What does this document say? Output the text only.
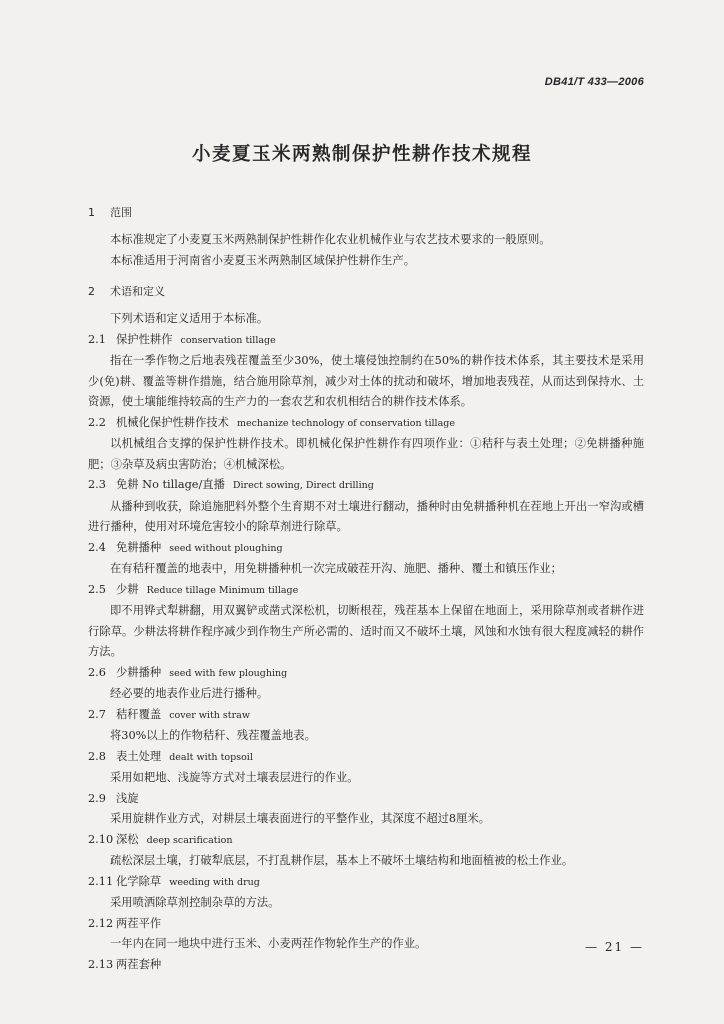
DB41/T 433—2006
小麦夏玉米两熟制保护性耕作技术规程

1 范围

本标准规定了小麦夏玉米两熟制保护性耕作化农业机械作业与农艺技术要求的一般原则。

本标准适用于河南省小麦夏玉米两熟制区域保护性耕作生产。

2 术语和定义

下列术语和定义适用于本标准。

2.1 保护性耕作 conservation tillage

指在一季作物之后地表残茬覆盖至少30%，使土壤侵蚀控制约在50%的耕作技术体系，其主要技术是采用少(免)耕、覆盖等耕作措施，结合施用除草剂，减少对土体的扰动和破坏，增加地表残茬，从而达到保持水、土资源，使土壤能维持较高的生产力的一套农艺和农机相结合的耕作技术体系。

2.2 机械化保护性耕作技术 mechanize technology of conservation tillage

以机械组合支撑的保护性耕作技术。即机械化保护性耕作有四项作业：①秸秆与表土处理；②免耕播种施肥；③杂草及病虫害防治；④机械深松。

2.3 免耕 No tillage/直播 Direct sowing, Direct drilling

从播种到收获，除追施肥料外整个生育期不对土壤进行翻动，播种时由免耕播种机在茬地上开出一窄沟或槽进行播种，使用对环境危害较小的除草剂进行除草。

2.4 免耕播种 seed without ploughing

在有秸秆覆盖的地表中，用免耕播种机一次完成破茬开沟、施肥、播种、覆土和镇压作业；

2.5 少耕 Reduce tillage Minimum tillage

即不用铧式犁耕翻，用双翼铲或凿式深松机，切断根茬，残茬基本上保留在地面上，采用除草剂或者耕作进行除草。少耕法将耕作程序减少到作物生产所必需的、适时而又不破坏土壤，风蚀和水蚀有很大程度减轻的耕作方法。

2.6 少耕播种 seed with few ploughing

经必要的地表作业后进行播种。

2.7 秸秆覆盖 cover with straw

将30%以上的作物秸秆、残茬覆盖地表。

2.8 表土处理 dealt with topsoil

采用如耙地、浅旋等方式对土壤表层进行的作业。

2.9 浅旋

采用旋耕作业方式，对耕层土壤表面进行的平整作业，其深度不超过8厘米。

2.10 深松 deep scarification

疏松深层土壤，打破犁底层，不打乱耕作层，基本上不破坏土壤结构和地面植被的松土作业。

2.11 化学除草 weeding with drug

采用喷洒除草剂控制杂草的方法。

2.12 两茬平作

一年内在同一地块中进行玉米、小麦两茬作物轮作生产的作业。

2.13 两茬套种

— 21 —
